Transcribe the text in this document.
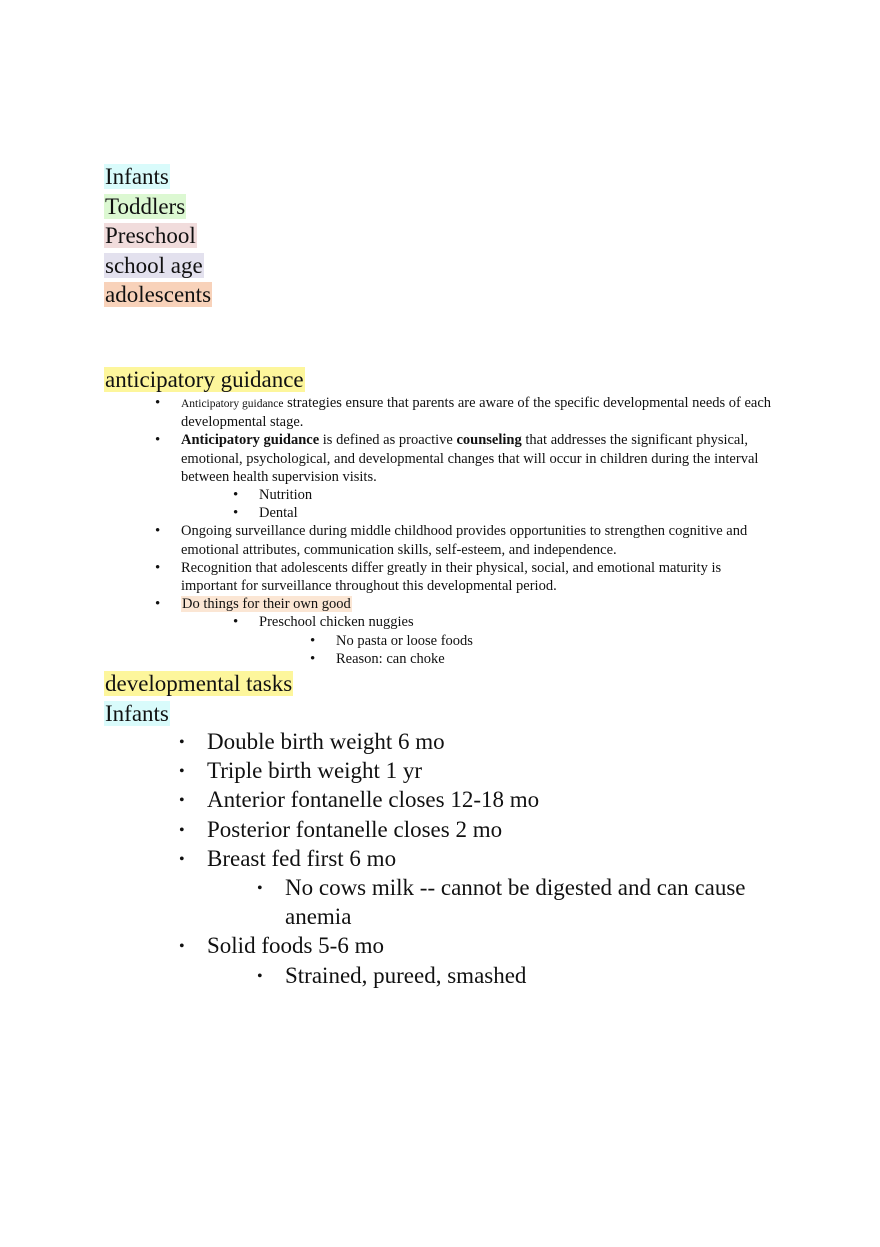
Infants
Toddlers
Preschool
school age
adolescents
anticipatory guidance
• Anticipatory guidance strategies ensure that parents are aware of the specific developmental needs of each developmental stage.
• Anticipatory guidance is defined as proactive counseling that addresses the significant physical, emotional, psychological, and developmental changes that will occur in children during the interval between health supervision visits.
• Nutrition
• Dental
• Ongoing surveillance during middle childhood provides opportunities to strengthen cognitive and emotional attributes, communication skills, self-esteem, and independence.
• Recognition that adolescents differ greatly in their physical, social, and emotional maturity is important for surveillance throughout this developmental period.
• Do things for their own good
• Preschool chicken nuggies
• No pasta or loose foods
• Reason: can choke
developmental tasks
Infants
• Double birth weight 6 mo
• Triple birth weight 1 yr
• Anterior fontanelle closes 12-18 mo
• Posterior fontanelle closes 2 mo
• Breast fed first 6 mo
• No cows milk -- cannot be digested and can cause anemia
• Solid foods 5-6 mo
• Strained, pureed, smashed
